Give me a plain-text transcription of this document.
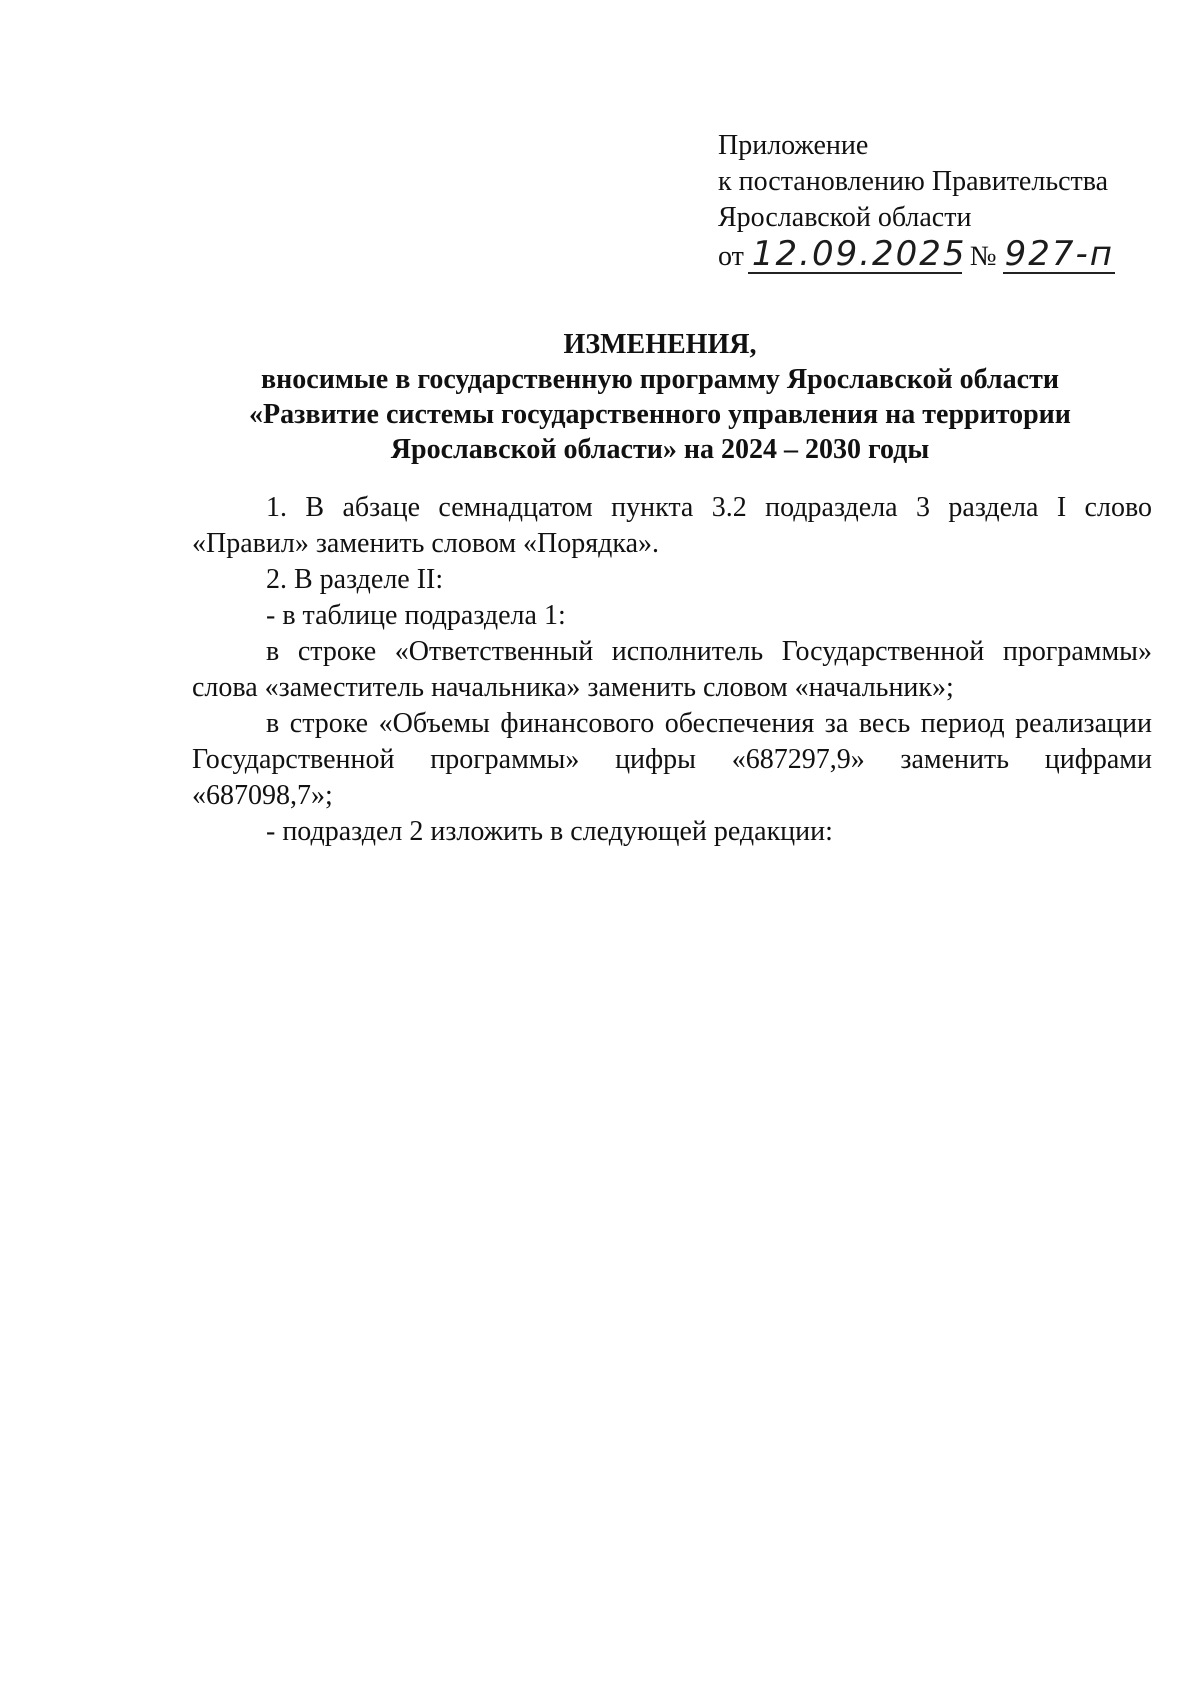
Приложение
к постановлению Правительства
Ярославской области
от 12.09.2025 № 927-п
ИЗМЕНЕНИЯ,
вносимые в государственную программу Ярославской области
«Развитие системы государственного управления на территории
Ярославской области» на 2024 – 2030 годы

1. В абзаце семнадцатом пункта 3.2 подраздела 3 раздела I слово «Правил» заменить словом «Порядка».

2. В разделе II:

- в таблице подраздела 1:

в строке «Ответственный исполнитель Государственной программы» слова «заместитель начальника» заменить словом «начальник»;

в строке «Объемы финансового обеспечения за весь период реализации Государственной программы» цифры «687297,9» заменить цифрами «687098,7»;

- подраздел 2 изложить в следующей редакции:
